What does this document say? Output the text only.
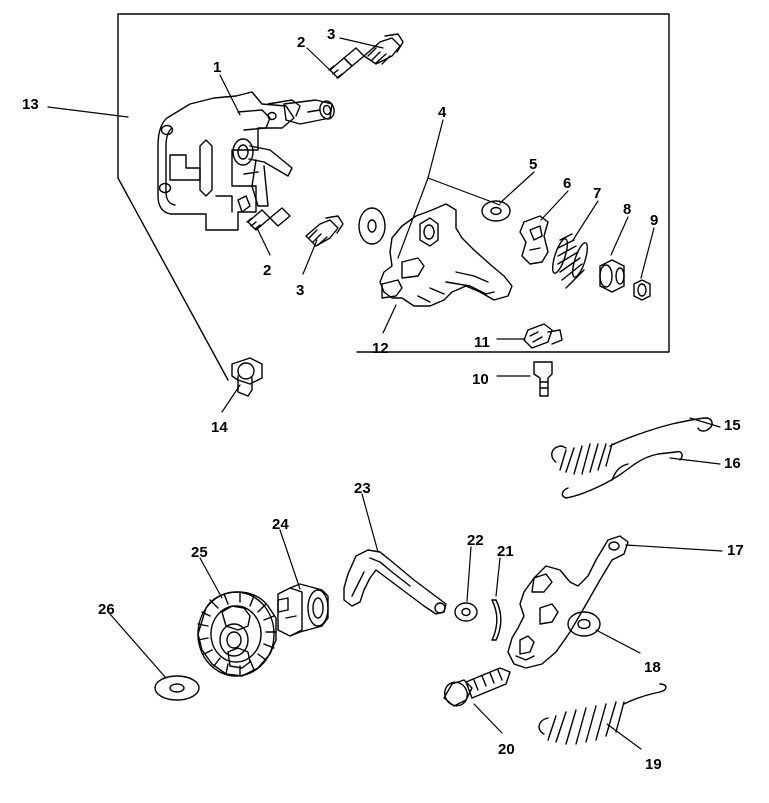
13
1
2 3
4
5
6
7
8
9
2
3
12	11
10
14	15
16
17
18
19
20
21
22
23
24
25
26
